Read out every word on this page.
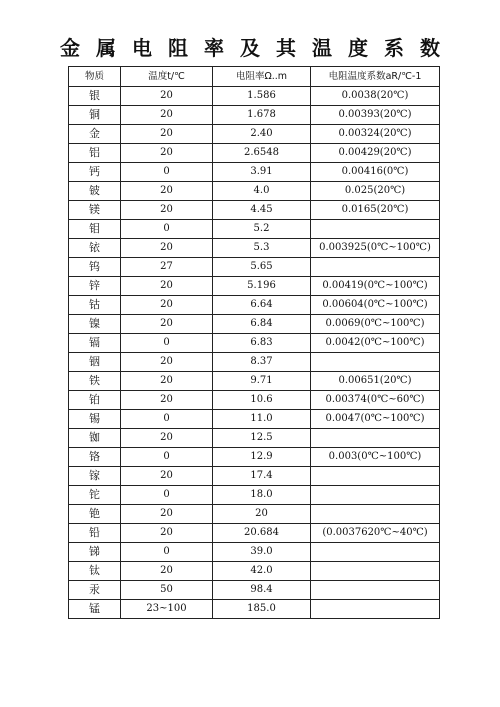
金属电阻率及其温度系数
物质	温度t/℃	电阻率Ω..m	电阻温度系数aR/℃-1
银	20	1.586	0.0038(20℃)
铜	20	1.678	0.00393(20℃)
金	20	2.40	0.00324(20℃)
铝	20	2.6548	0.00429(20℃)
钙	0	3.91	0.00416(0℃)
铍	20	4.0	0.025(20℃)
镁	20	4.45	0.0165(20℃)
钼	0	5.2	
铱	20	5.3	0.003925(0℃~100℃)
钨	27	5.65	
锌	20	5.196	0.00419(0℃~100℃)
钴	20	6.64	0.00604(0℃~100℃)
镍	20	6.84	0.0069(0℃~100℃)
镉	0	6.83	0.0042(0℃~100℃)
铟	20	8.37	
铁	20	9.71	0.00651(20℃)
铂	20	10.6	0.00374(0℃~60℃)
锡	0	11.0	0.0047(0℃~100℃)
铷	20	12.5	
铬	0	12.9	0.003(0℃~100℃)
镓	20	17.4	
铊	0	18.0	
铯	20	20	
铅	20	20.684	(0.0037620℃~40℃)
锑	0	39.0	
钛	20	42.0	
汞	50	98.4	
锰	23~100	185.0	
